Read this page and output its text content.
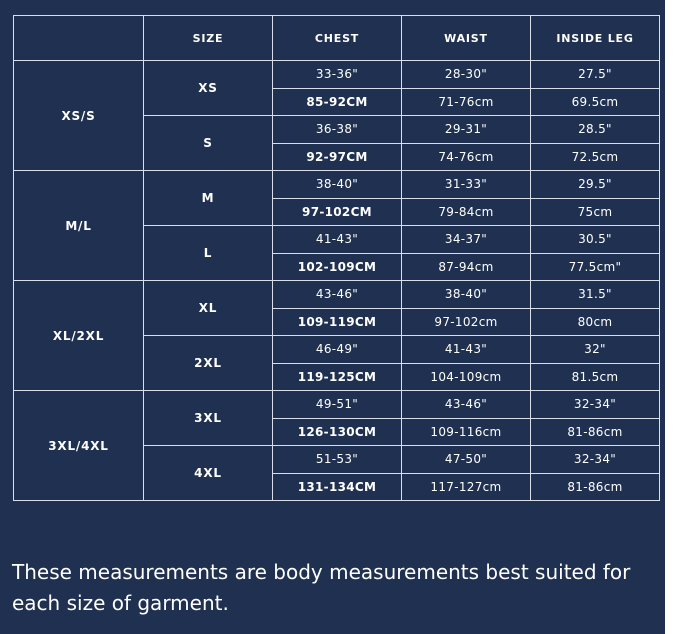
	SIZE	CHEST	WAIST	INSIDE LEG
XS/S	XS	33-36"	28-30"	27.5"
		85-92CM	71-76cm	69.5cm
	S	36-38"	29-31"	28.5"
		92-97CM	74-76cm	72.5cm
M/L	M	38-40"	31-33"	29.5"
		97-102CM	79-84cm	75cm
	L	41-43"	34-37"	30.5"
		102-109CM	87-94cm	77.5cm"
XL/2XL	XL	43-46"	38-40"	31.5"
		109-119CM	97-102cm	80cm
	2XL	46-49"	41-43"	32"
		119-125CM	104-109cm	81.5cm
3XL/4XL	3XL	49-51"	43-46"	32-34"
		126-130CM	109-116cm	81-86cm
	4XL	51-53"	47-50"	32-34"
		131-134CM	117-127cm	81-86cm

These measurements are body measurements best suited for each size of garment.
